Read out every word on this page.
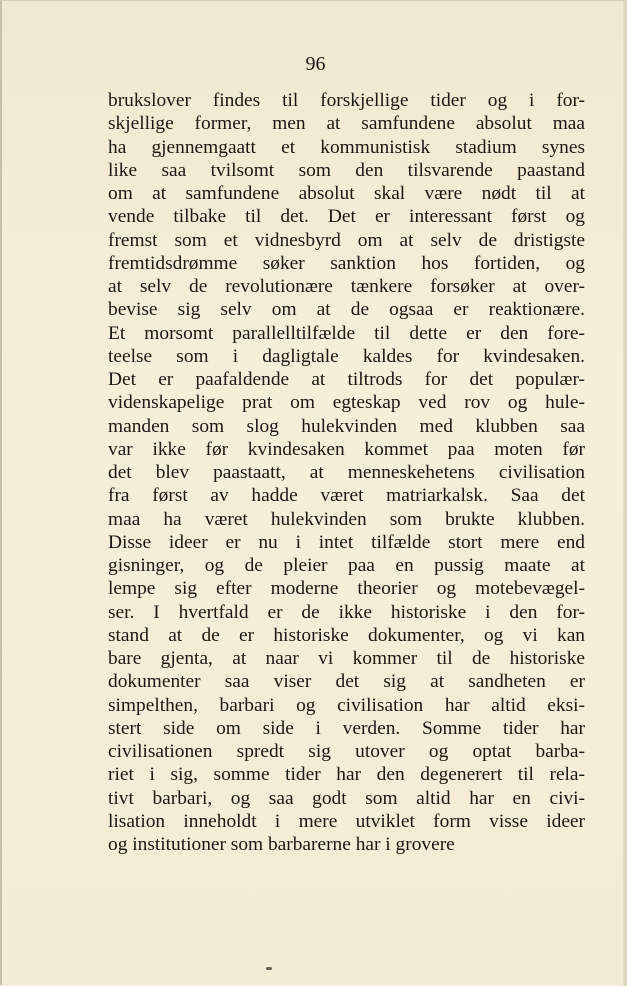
96
brukslover findes til forskjellige tider og i for-
skjellige former, men at samfundene absolut maa
ha gjennemgaatt et kommunistisk stadium synes
like saa tvilsomt som den tilsvarende paastand
om at samfundene absolut skal være nødt til at
vende tilbake til det. Det er interessant først og
fremst som et vidnesbyrd om at selv de dristigste
fremtidsdrømme søker sanktion hos fortiden, og
at selv de revolutionære tænkere forsøker at over-
bevise sig selv om at de ogsaa er reaktionære.
Et morsomt parallelltilfælde til dette er den fore-
teelse som i dagligtale kaldes for kvindesaken.
Det er paafaldende at tiltrods for det populær-
videnskapelige prat om egteskap ved rov og hule-
manden som slog hulekvinden med klubben saa
var ikke før kvindesaken kommet paa moten før
det blev paastaatt, at menneskehetens civilisation
fra først av hadde været matriarkalsk. Saa det
maa ha været hulekvinden som brukte klubben.
Disse ideer er nu i intet tilfælde stort mere end
gisninger, og de pleier paa en pussig maate at
lempe sig efter moderne theorier og motebevægel-
ser. I hvertfald er de ikke historiske i den for-
stand at de er historiske dokumenter, og vi kan
bare gjenta, at naar vi kommer til de historiske
dokumenter saa viser det sig at sandheten er
simpelthen, barbari og civilisation har altid eksi-
stert side om side i verden. Somme tider har
civilisationen spredt sig utover og optat barba-
riet i sig, somme tider har den degenerert til rela-
tivt barbari, og saa godt som altid har en civi-
lisation inneholdt i mere utviklet form visse ideer
og institutioner som barbarerne har i grovere
